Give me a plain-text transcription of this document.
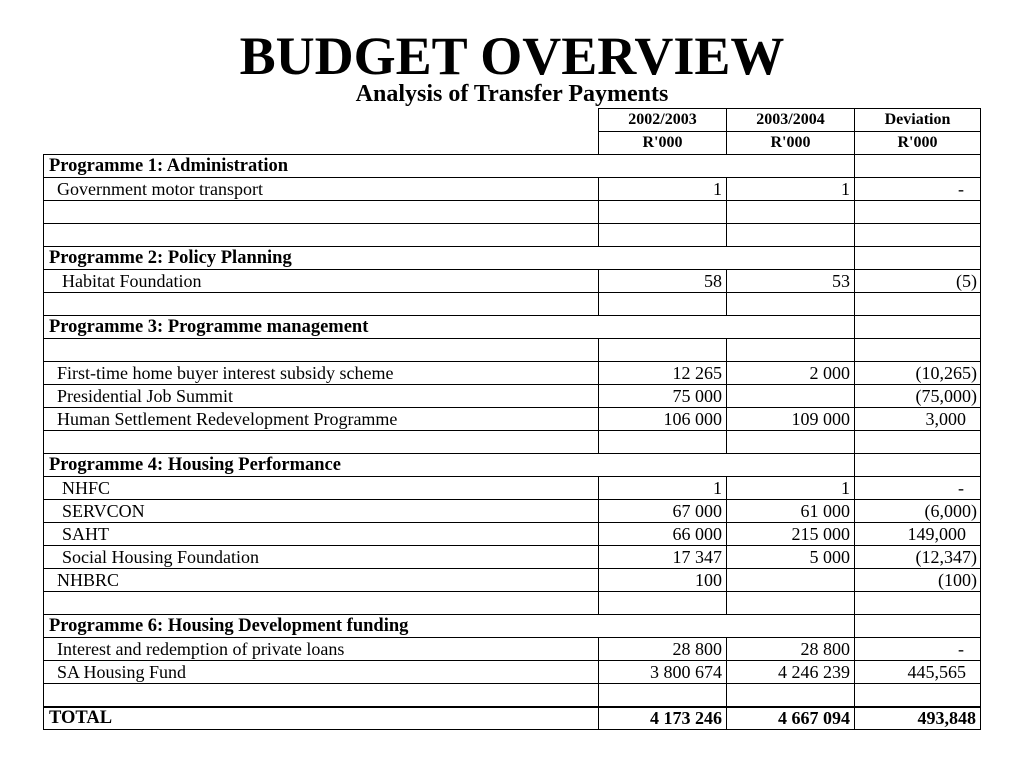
BUDGET OVERVIEW
Analysis of Transfer Payments
	2002/2003	2003/2004	Deviation
	R'000	R'000	R'000
Programme 1: Administration			
Government motor transport	1	1	-

Programme 2: Policy Planning			
Habitat Foundation	58	53	(5)

Programme 3: Programme management			

First-time home buyer interest subsidy scheme	12 265	2 000	(10,265)
Presidential Job Summit	75 000		(75,000)
Human Settlement Redevelopment Programme	106 000	109 000	3,000

Programme 4: Housing Performance			
NHFC	1	1	-
SERVCON	67 000	61 000	(6,000)
SAHT	66 000	215 000	149,000
Social Housing Foundation	17 347	5 000	(12,347)
NHBRC	100		(100)

Programme 6: Housing Development funding			
Interest and redemption of private loans	28 800	28 800	-
SA Housing Fund	3 800 674	4 246 239	445,565

TOTAL	4 173 246	4 667 094	493,848
